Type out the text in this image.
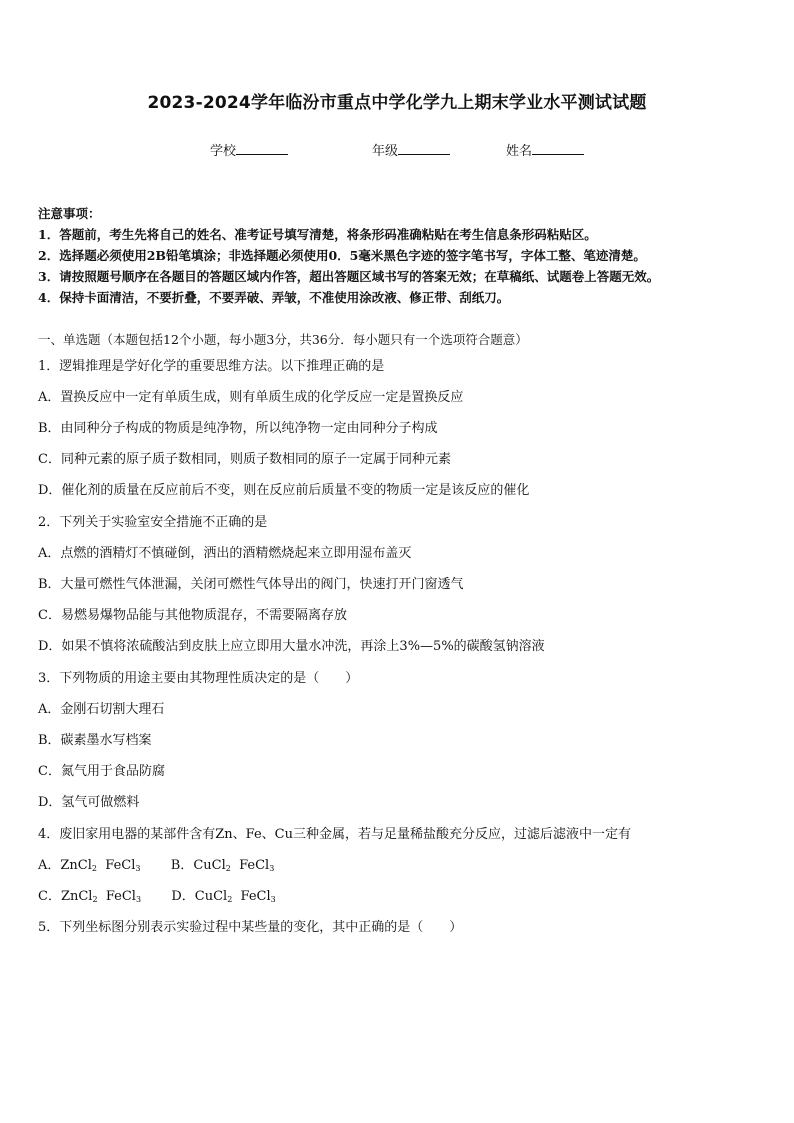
2023-2024学年临汾市重点中学化学九上期末学业水平测试试题
学校	年级	姓名
注意事项：
1．答题前，考生先将自己的姓名、准考证号填写清楚，将条形码准确粘贴在考生信息条形码粘贴区。
2．选择题必须使用2B铅笔填涂；非选择题必须使用0．5毫米黑色字迹的签字笔书写，字体工整、笔迹清楚。
3．请按照题号顺序在各题目的答题区域内作答，超出答题区域书写的答案无效；在草稿纸、试题卷上答题无效。
4．保持卡面清洁，不要折叠，不要弄破、弄皱，不准使用涂改液、修正带、刮纸刀。
一、单选题（本题包括12个小题，每小题3分，共36分．每小题只有一个选项符合题意）
1．逻辑推理是学好化学的重要思维方法。以下推理正确的是
A．置换反应中一定有单质生成，则有单质生成的化学反应一定是置换反应
B．由同种分子构成的物质是纯净物，所以纯净物一定由同种分子构成
C．同种元素的原子质子数相同，则质子数相同的原子一定属于同种元素
D．催化剂的质量在反应前后不变，则在反应前后质量不变的物质一定是该反应的催化
2．下列关于实验室安全措施不正确的是
A．点燃的酒精灯不慎碰倒，洒出的酒精燃烧起来立即用湿布盖灭
B．大量可燃性气体泄漏，关闭可燃性气体导出的阀门，快速打开门窗透气
C．易燃易爆物品能与其他物质混存，不需要隔离存放
D．如果不慎将浓硫酸沾到皮肤上应立即用大量水冲洗，再涂上3%—5%的碳酸氢钠溶液
3．下列物质的用途主要由其物理性质决定的是（　　）
A．金刚石切割大理石
B．碳素墨水写档案
C．氮气用于食品防腐
D．氢气可做燃料
4．废旧家用电器的某部件含有Zn、Fe、Cu三种金属，若与足量稀盐酸充分反应，过滤后滤液中一定有
A．ZnCl$_2$ FeCl$_3$ B．CuCl$_2$ FeCl$_3$
C．ZnCl$_2$ FeCl$_3$ D．CuCl$_2$ FeCl$_3$
5．下列坐标图分别表示实验过程中某些量的变化，其中正确的是（　　）
